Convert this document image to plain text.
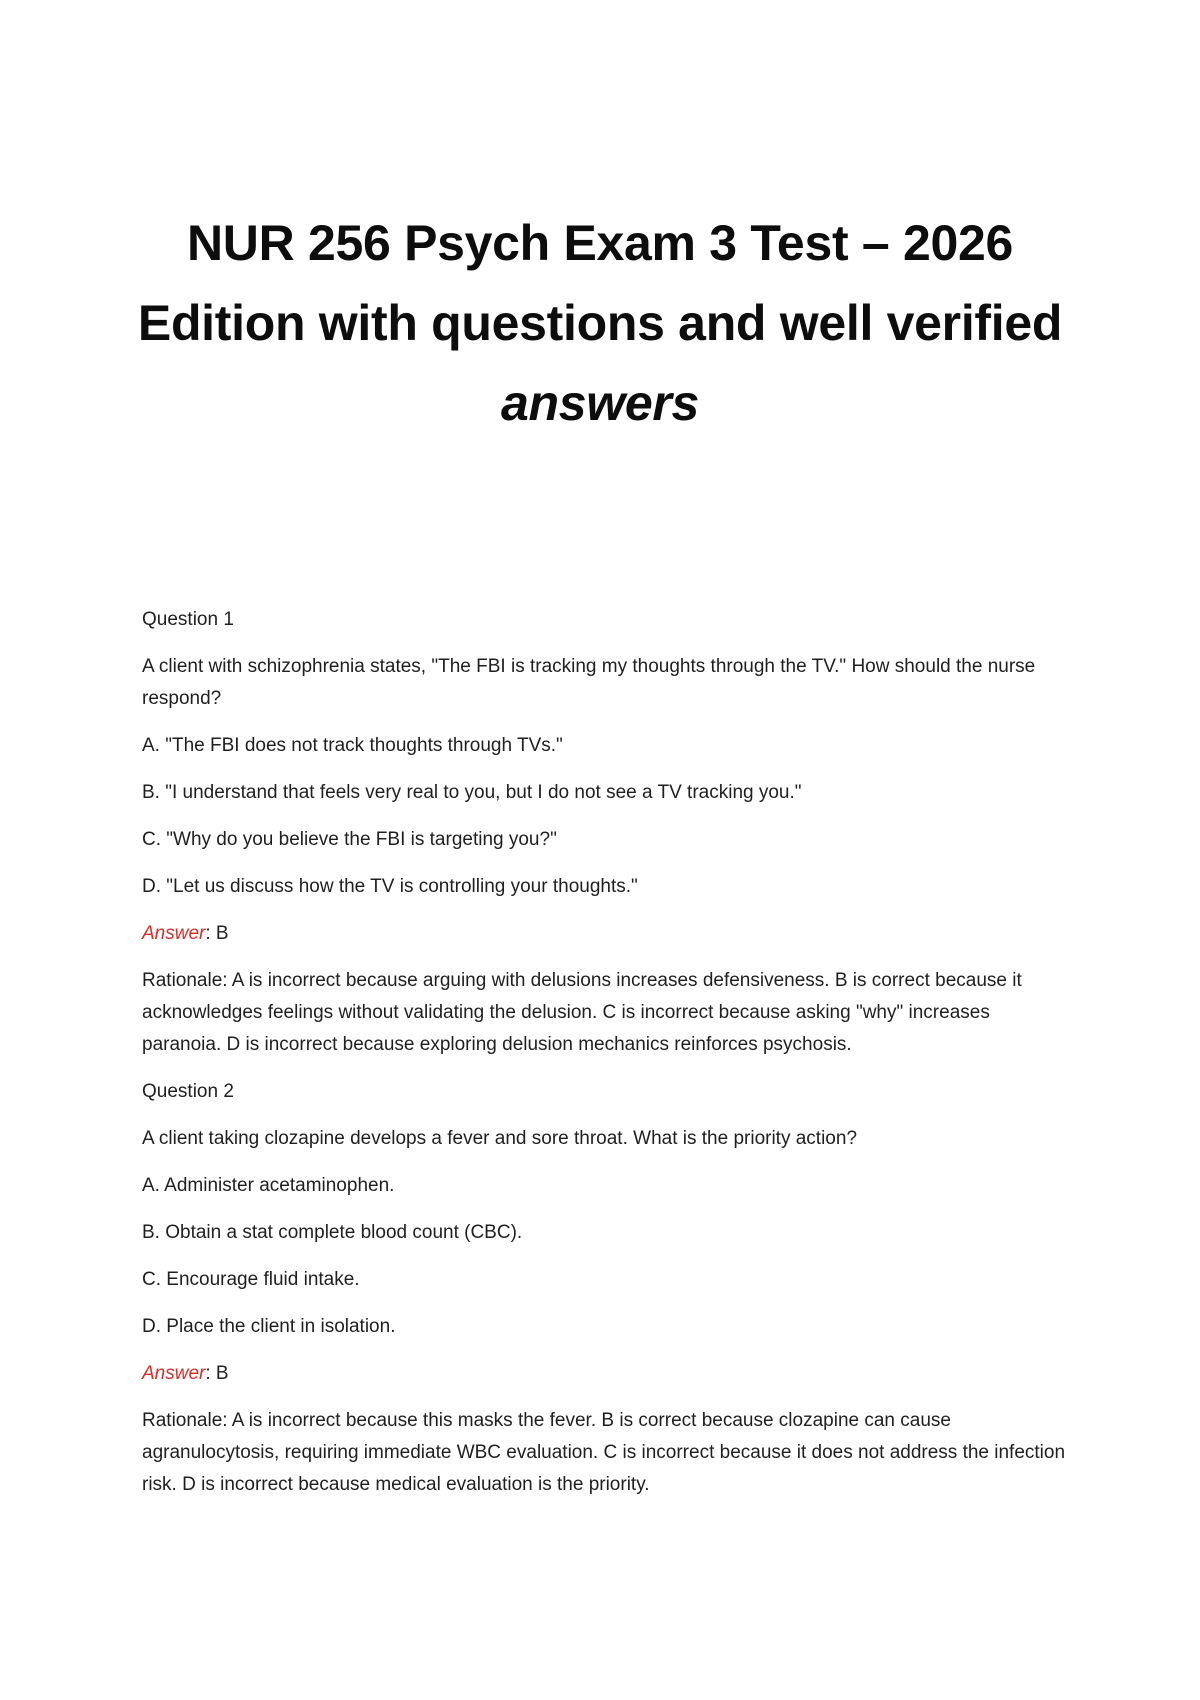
NUR 256 Psych Exam 3 Test – 2026
Edition with questions and well verified
answers

Question 1

A client with schizophrenia states, "The FBI is tracking my thoughts through the TV." How should the nurse respond?

A. "The FBI does not track thoughts through TVs."

B. "I understand that feels very real to you, but I do not see a TV tracking you."

C. "Why do you believe the FBI is targeting you?"

D. "Let us discuss how the TV is controlling your thoughts."

Answer: B

Rationale: A is incorrect because arguing with delusions increases defensiveness. B is correct because it acknowledges feelings without validating the delusion. C is incorrect because asking "why" increases paranoia. D is incorrect because exploring delusion mechanics reinforces psychosis.

Question 2

A client taking clozapine develops a fever and sore throat. What is the priority action?

A. Administer acetaminophen.

B. Obtain a stat complete blood count (CBC).

C. Encourage fluid intake.

D. Place the client in isolation.

Answer: B

Rationale: A is incorrect because this masks the fever. B is correct because clozapine can cause agranulocytosis, requiring immediate WBC evaluation. C is incorrect because it does not address the infection risk. D is incorrect because medical evaluation is the priority.
